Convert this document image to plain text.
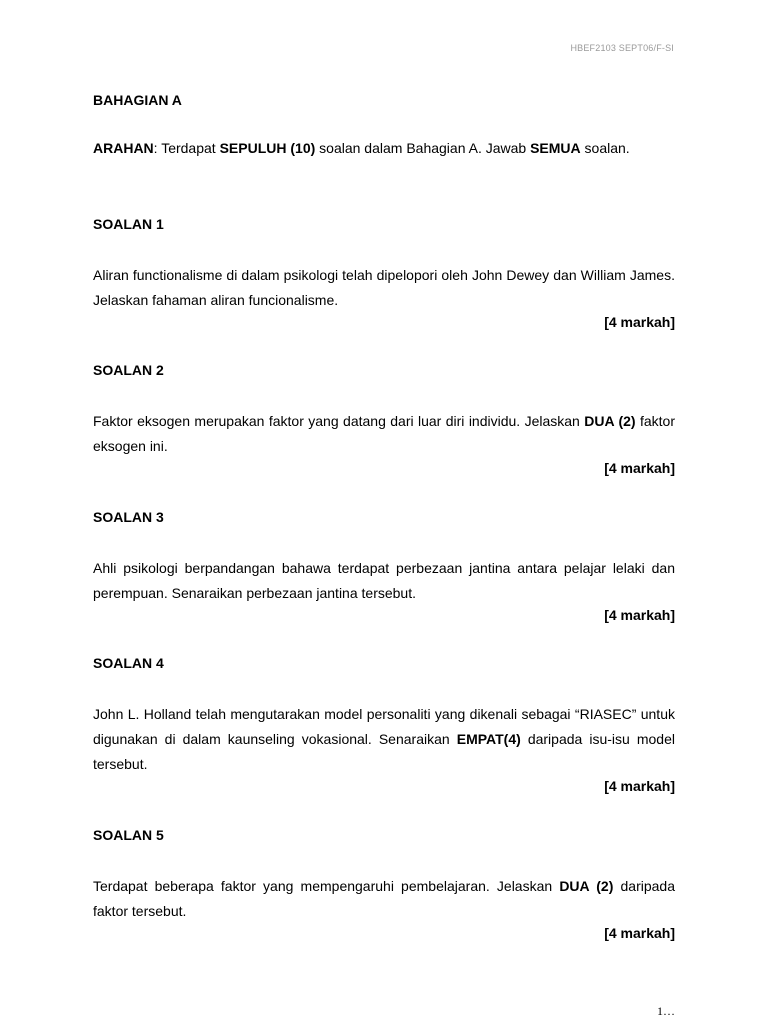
HBEF2103 SEPT06/F-SI
BAHAGIAN A

ARAHAN: Terdapat SEPULUH (10) soalan dalam Bahagian A. Jawab SEMUA soalan.

SOALAN 1

Aliran functionalisme di dalam psikologi telah dipelopori oleh John Dewey dan William James. Jelaskan fahaman aliran funcionalisme.

[4 markah]

SOALAN 2

Faktor eksogen merupakan faktor yang datang dari luar diri individu. Jelaskan DUA (2) faktor eksogen ini.

[4 markah]

SOALAN 3

Ahli psikologi berpandangan bahawa terdapat perbezaan jantina antara pelajar lelaki dan perempuan. Senaraikan perbezaan jantina tersebut.

[4 markah]

SOALAN 4

John L. Holland telah mengutarakan model personaliti yang dikenali sebagai “RIASEC” untuk digunakan di dalam kaunseling vokasional. Senaraikan EMPAT(4) daripada isu-isu model tersebut.

[4 markah]

SOALAN 5

Terdapat beberapa faktor yang mempengaruhi pembelajaran. Jelaskan DUA (2) daripada faktor tersebut.

[4 markah]

1…
